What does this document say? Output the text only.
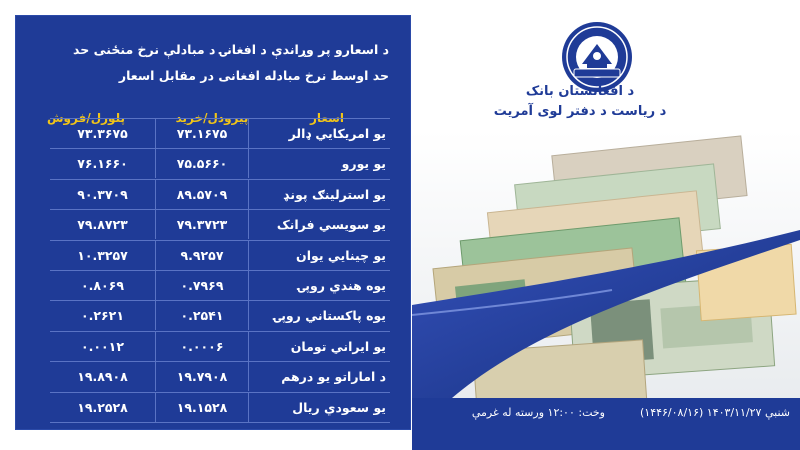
د اسعارو پر وړاندې د افغانۍ د مبادلې نرخ منځنی حد
حد اوسط نرخ مبادله افغانی در مقابل اسعار
اسعار
پیرودل/خرید
پلورل/فروش
یو امریکايي ډالر
۷۳.۱۶۷۵
۷۳.۳۶۷۵
یو یورو
۷۵.۵۶۶۰
۷۶.۱۶۶۰
یو استرلینګ پونډ
۸۹.۵۷۰۹
۹۰.۳۷۰۹
یو سویسي فرانک
۷۹.۳۷۲۳
۷۹.۸۷۲۳
یو چینایي یوان
۹.۹۲۵۷
۱۰.۳۲۵۷
یوه هندي روپۍ
۰.۷۹۶۹
۰.۸۰۶۹
یوه پاکستاني روپۍ
۰.۲۵۴۱
۰.۲۶۲۱
یو ایراني تومان
۰.۰۰۰۶
۰.۰۰۱۲
د اماراتو یو درهم
۱۹.۷۹۰۸
۱۹.۸۹۰۸
یو سعودي ریال
۱۹.۱۵۲۸
۱۹.۲۵۲۸
د افغانستان بانک
د ریاست د دفتر لوی آمریت
شنبې ۱۴۰۳/۱۱/۲۷ (۱۴۴۶/۰۸/۱۶)
وخت: ۱۲:۰۰ ورسته له غرمې
